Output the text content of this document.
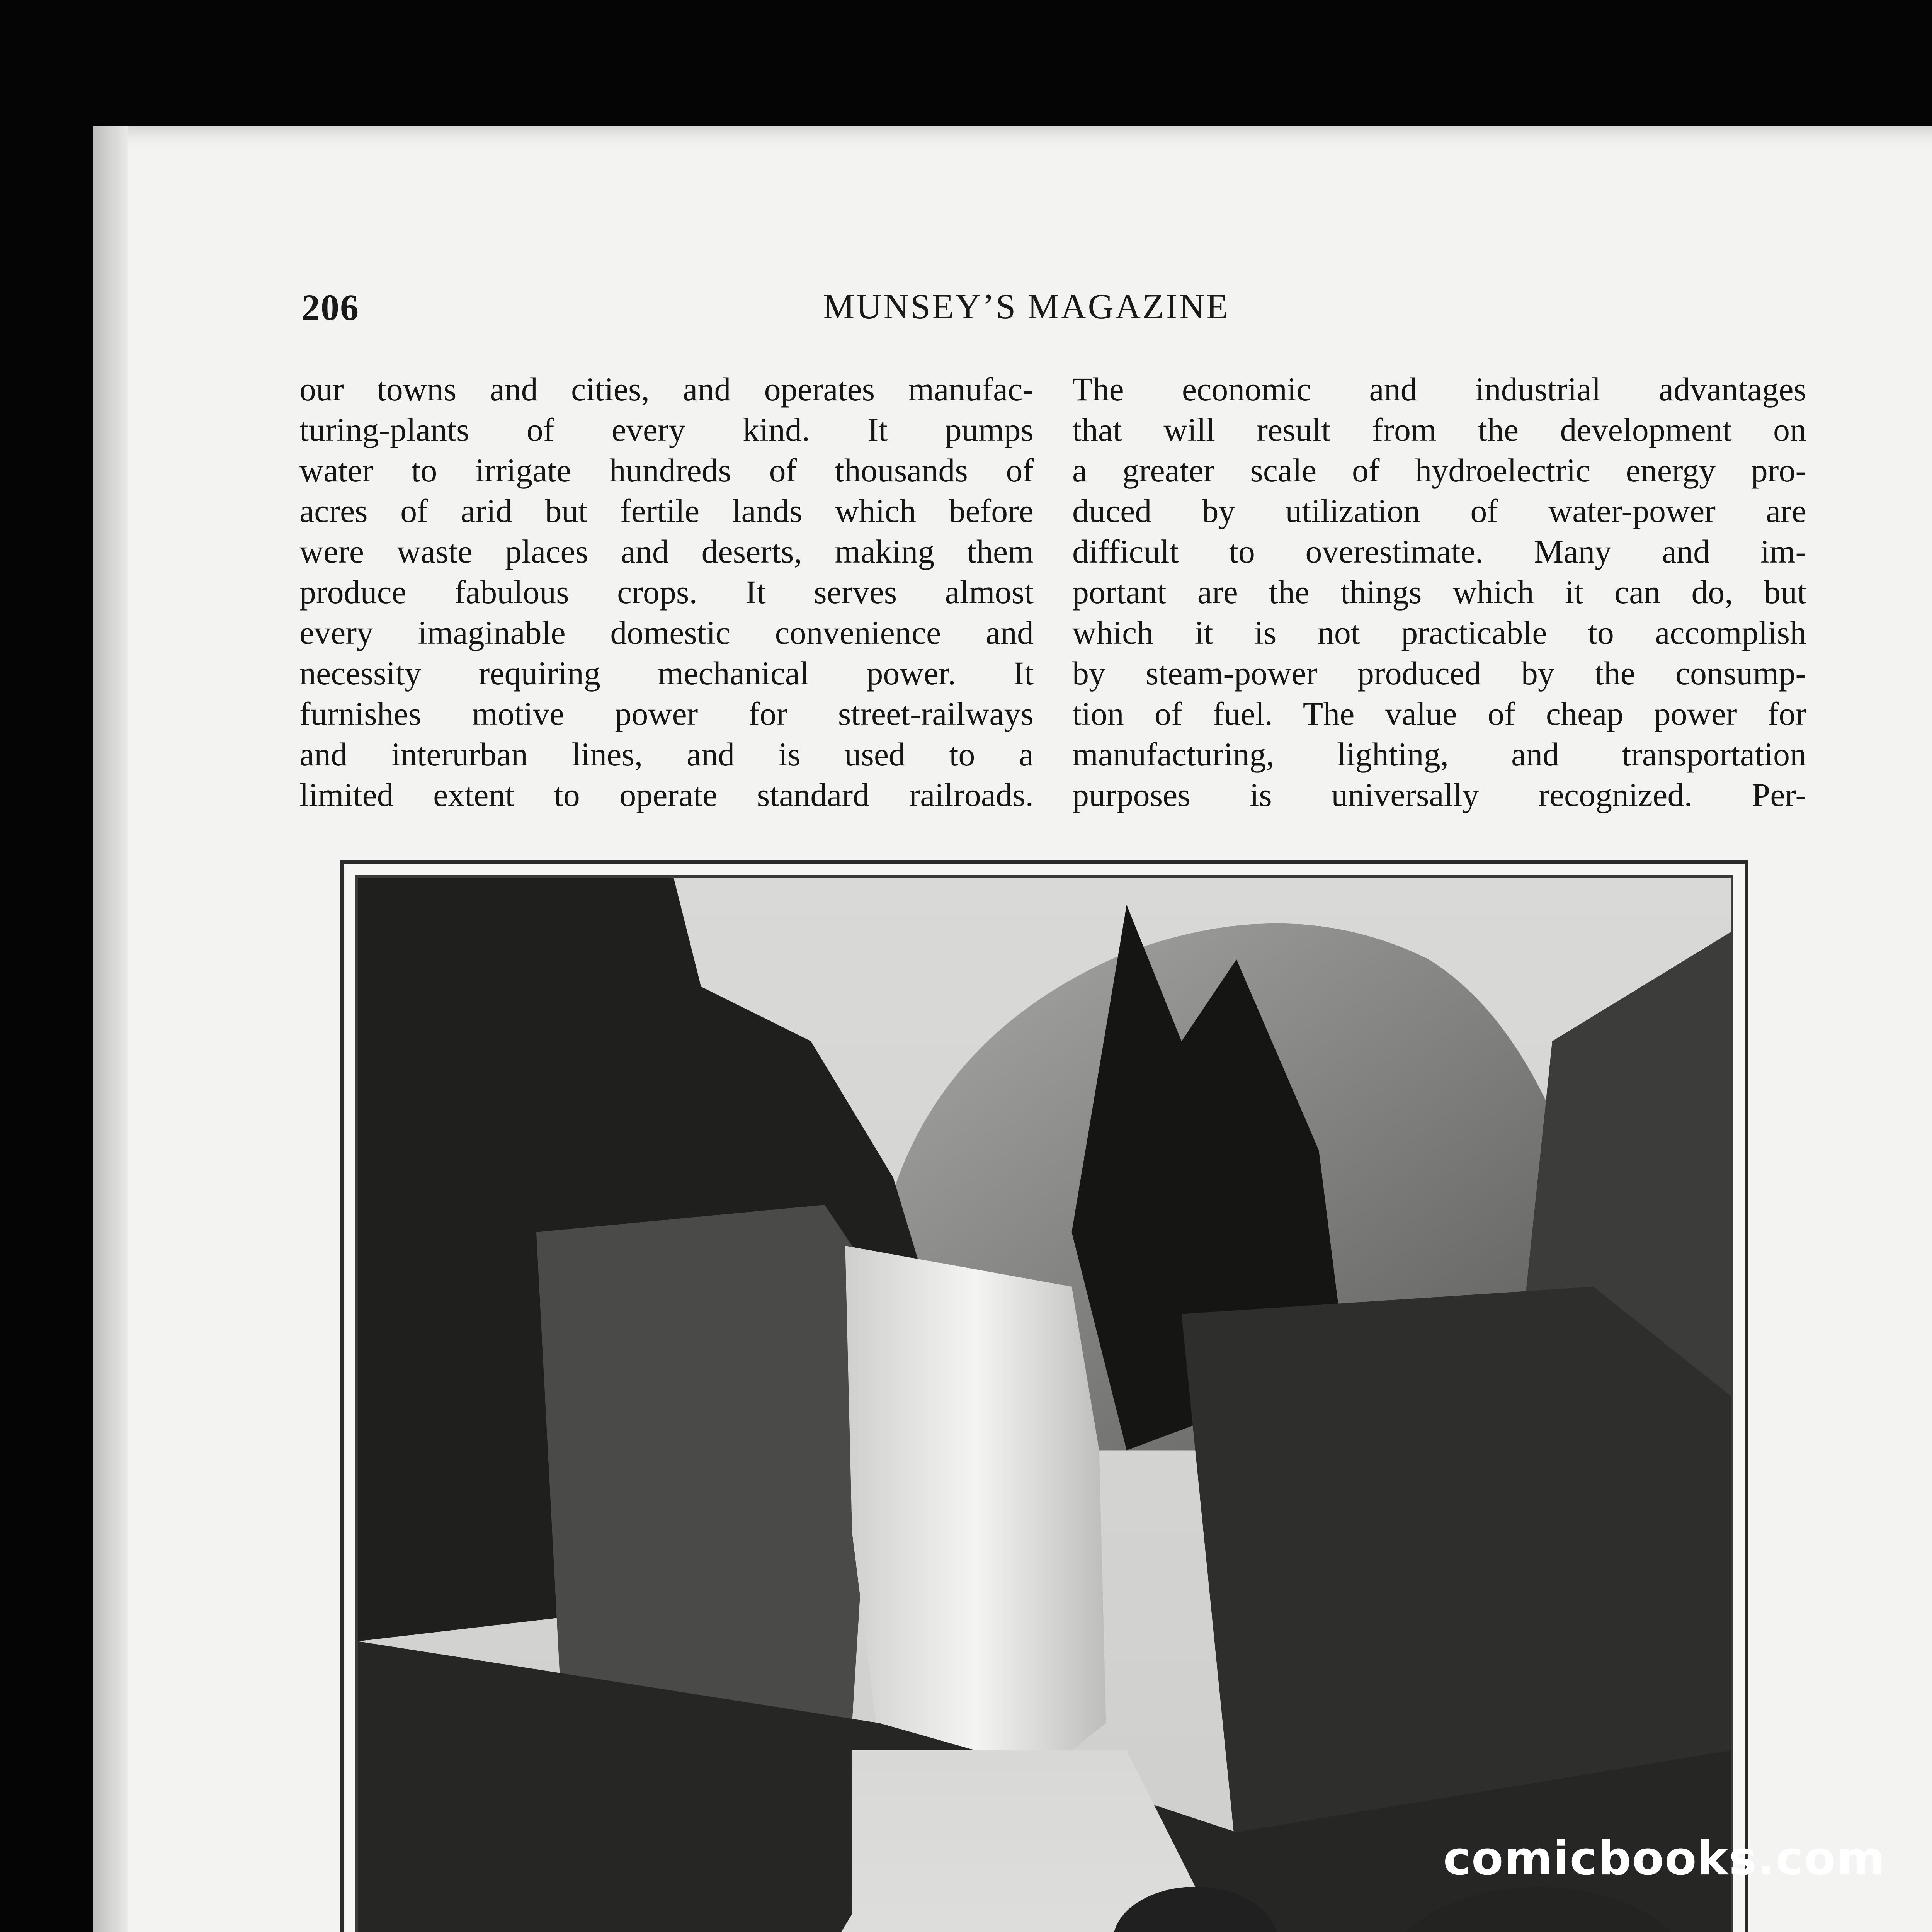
206	MUNSEY’S MAGAZINE
our towns and cities, and operates manufac-
turing-plants of every kind. It pumps
water to irrigate hundreds of thousands of
acres of arid but fertile lands which before
were waste places and deserts, making them
produce fabulous crops. It serves almost
every imaginable domestic convenience and
necessity requiring mechanical power. It
furnishes motive power for street-railways
and interurban lines, and is used to a
limited extent to operate standard railroads.
The economic and industrial advantages
that will result from the development on
a greater scale of hydroelectric energy pro-
duced by utilization of water-power are
difficult to overestimate. Many and im-
portant are the things which it can do, but
which it is not practicable to accomplish
by steam-power produced by the consump-
tion of fuel. The value of cheap power for
manufacturing, lighting, and transportation
purposes is universally recognized. Per-
comicbooks.com
